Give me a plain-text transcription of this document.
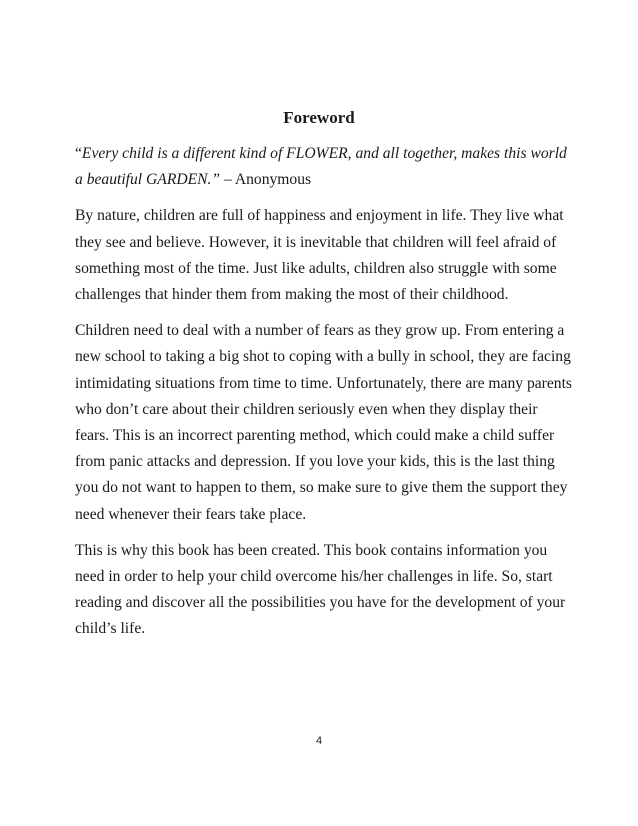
Foreword

“Every child is a different kind of FLOWER, and all together, makes this world a beautiful GARDEN.” – Anonymous

By nature, children are full of happiness and enjoyment in life. They live what they see and believe. However, it is inevitable that children will feel afraid of something most of the time. Just like adults, children also struggle with some challenges that hinder them from making the most of their childhood.

Children need to deal with a number of fears as they grow up. From entering a new school to taking a big shot to coping with a bully in school, they are facing intimidating situations from time to time. Unfortunately, there are many parents who don’t care about their children seriously even when they display their fears. This is an incorrect parenting method, which could make a child suffer from panic attacks and depression. If you love your kids, this is the last thing you do not want to happen to them, so make sure to give them the support they need whenever their fears take place.

This is why this book has been created. This book contains information you need in order to help your child overcome his/her challenges in life. So, start reading and discover all the possibilities you have for the development of your child’s life.

4
